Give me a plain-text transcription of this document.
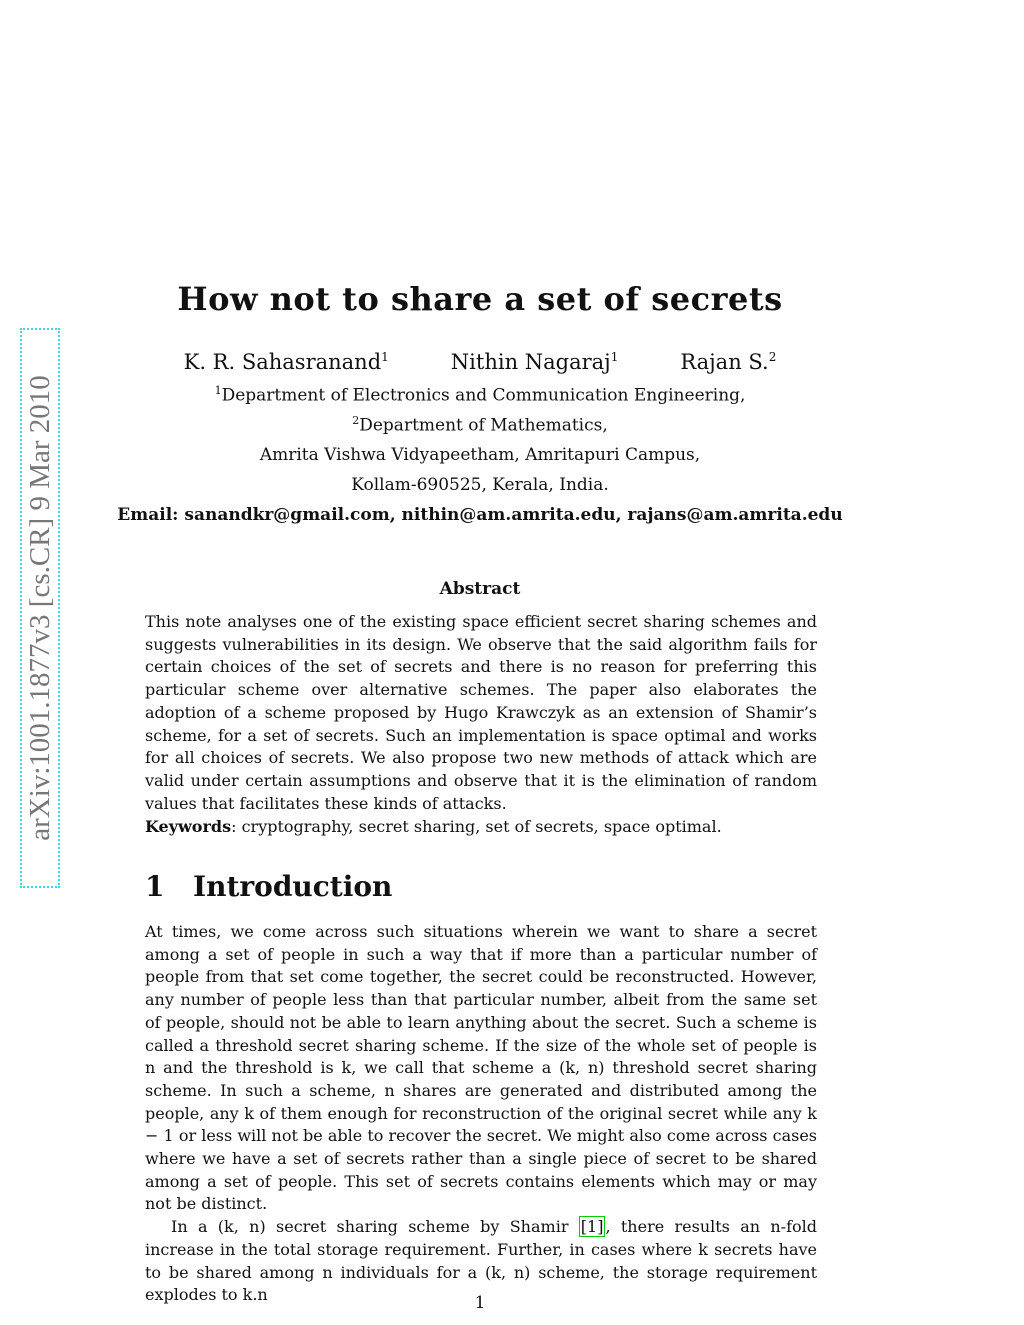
arXiv:1001.1877v3 [cs.CR] 9 Mar 2010
How not to share a set of secrets
K. R. Sahasranand$^1$	Nithin Nagaraj$^1$	Rajan S.$^2$
$^1$Department of Electronics and Communication Engineering,
$^2$Department of Mathematics,
Amrita Vishwa Vidyapeetham, Amritapuri Campus,
Kollam-690525, Kerala, India.
Email: sanandkr@gmail.com, nithin@am.amrita.edu, rajans@am.amrita.edu
Abstract
This note analyses one of the existing space efficient secret sharing schemes and suggests vulnerabilities in its design. We observe that the said algorithm fails for certain choices of the set of secrets and there is no reason for preferring this particular scheme over alternative schemes. The paper also elaborates the adoption of a scheme proposed by Hugo Krawczyk as an extension of Shamir’s scheme, for a set of secrets. Such an implementation is space optimal and works for all choices of secrets. We also propose two new methods of attack which are valid under certain assumptions and observe that it is the elimination of random values that facilitates these kinds of attacks.
Keywords: cryptography, secret sharing, set of secrets, space optimal.
1 Introduction

At times, we come across such situations wherein we want to share a secret among a set of people in such a way that if more than a particular number of people from that set come together, the secret could be reconstructed. However, any number of people less than that particular number, albeit from the same set of people, should not be able to learn anything about the secret. Such a scheme is called a threshold secret sharing scheme. If the size of the whole set of people is n and the threshold is k, we call that scheme a (k, n) threshold secret sharing scheme. In such a scheme, n shares are generated and distributed among the people, any k of them enough for reconstruction of the original secret while any k − 1 or less will not be able to recover the secret. We might also come across cases where we have a set of secrets rather than a single piece of secret to be shared among a set of people. This set of secrets contains elements which may or may not be distinct.

In a (k, n) secret sharing scheme by Shamir [1] , there results an n-fold increase in the total storage requirement. Further, in cases where k secrets have to be shared among n individuals for a (k, n) scheme, the storage requirement explodes to k.n	1
